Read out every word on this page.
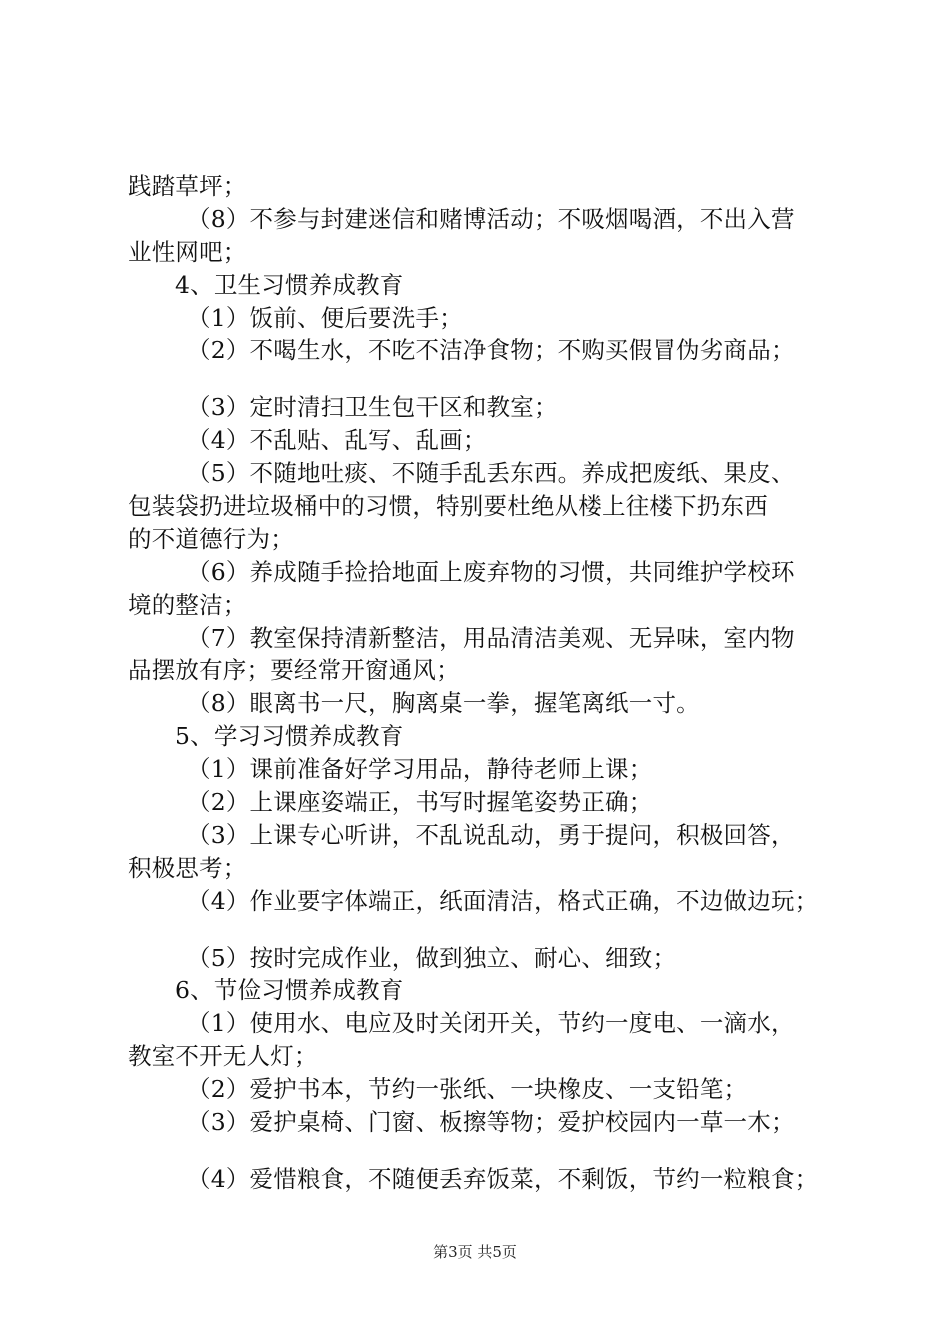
践踏草坪；
（8）不参与封建迷信和赌博活动；不吸烟喝酒，不出入营
业性网吧；
4、卫生习惯养成教育
（1）饭前、便后要洗手；
（2）不喝生水，不吃不洁净食物；不购买假冒伪劣商品；
（3）定时清扫卫生包干区和教室；
（4）不乱贴、乱写、乱画；
（5）不随地吐痰、不随手乱丢东西。养成把废纸、果皮、
包装袋扔进垃圾桶中的习惯，特别要杜绝从楼上往楼下扔东西
的不道德行为；
（6）养成随手捡拾地面上废弃物的习惯，共同维护学校环
境的整洁；
（7）教室保持清新整洁，用品清洁美观、无异味，室内物
品摆放有序；要经常开窗通风；
（8）眼离书一尺，胸离桌一拳，握笔离纸一寸。
5、学习习惯养成教育
（1）课前准备好学习用品，静待老师上课；
（2）上课座姿端正，书写时握笔姿势正确；
（3）上课专心听讲，不乱说乱动，勇于提问，积极回答，
积极思考；
（4）作业要字体端正，纸面清洁，格式正确，不边做边玩；
（5）按时完成作业，做到独立、耐心、细致；
6、节俭习惯养成教育
（1）使用水、电应及时关闭开关，节约一度电、一滴水，
教室不开无人灯；
（2）爱护书本，节约一张纸、一块橡皮、一支铅笔；
（3）爱护桌椅、门窗、板擦等物；爱护校园内一草一木；
（4）爱惜粮食，不随便丢弃饭菜，不剩饭，节约一粒粮食；
第3页 共5页
